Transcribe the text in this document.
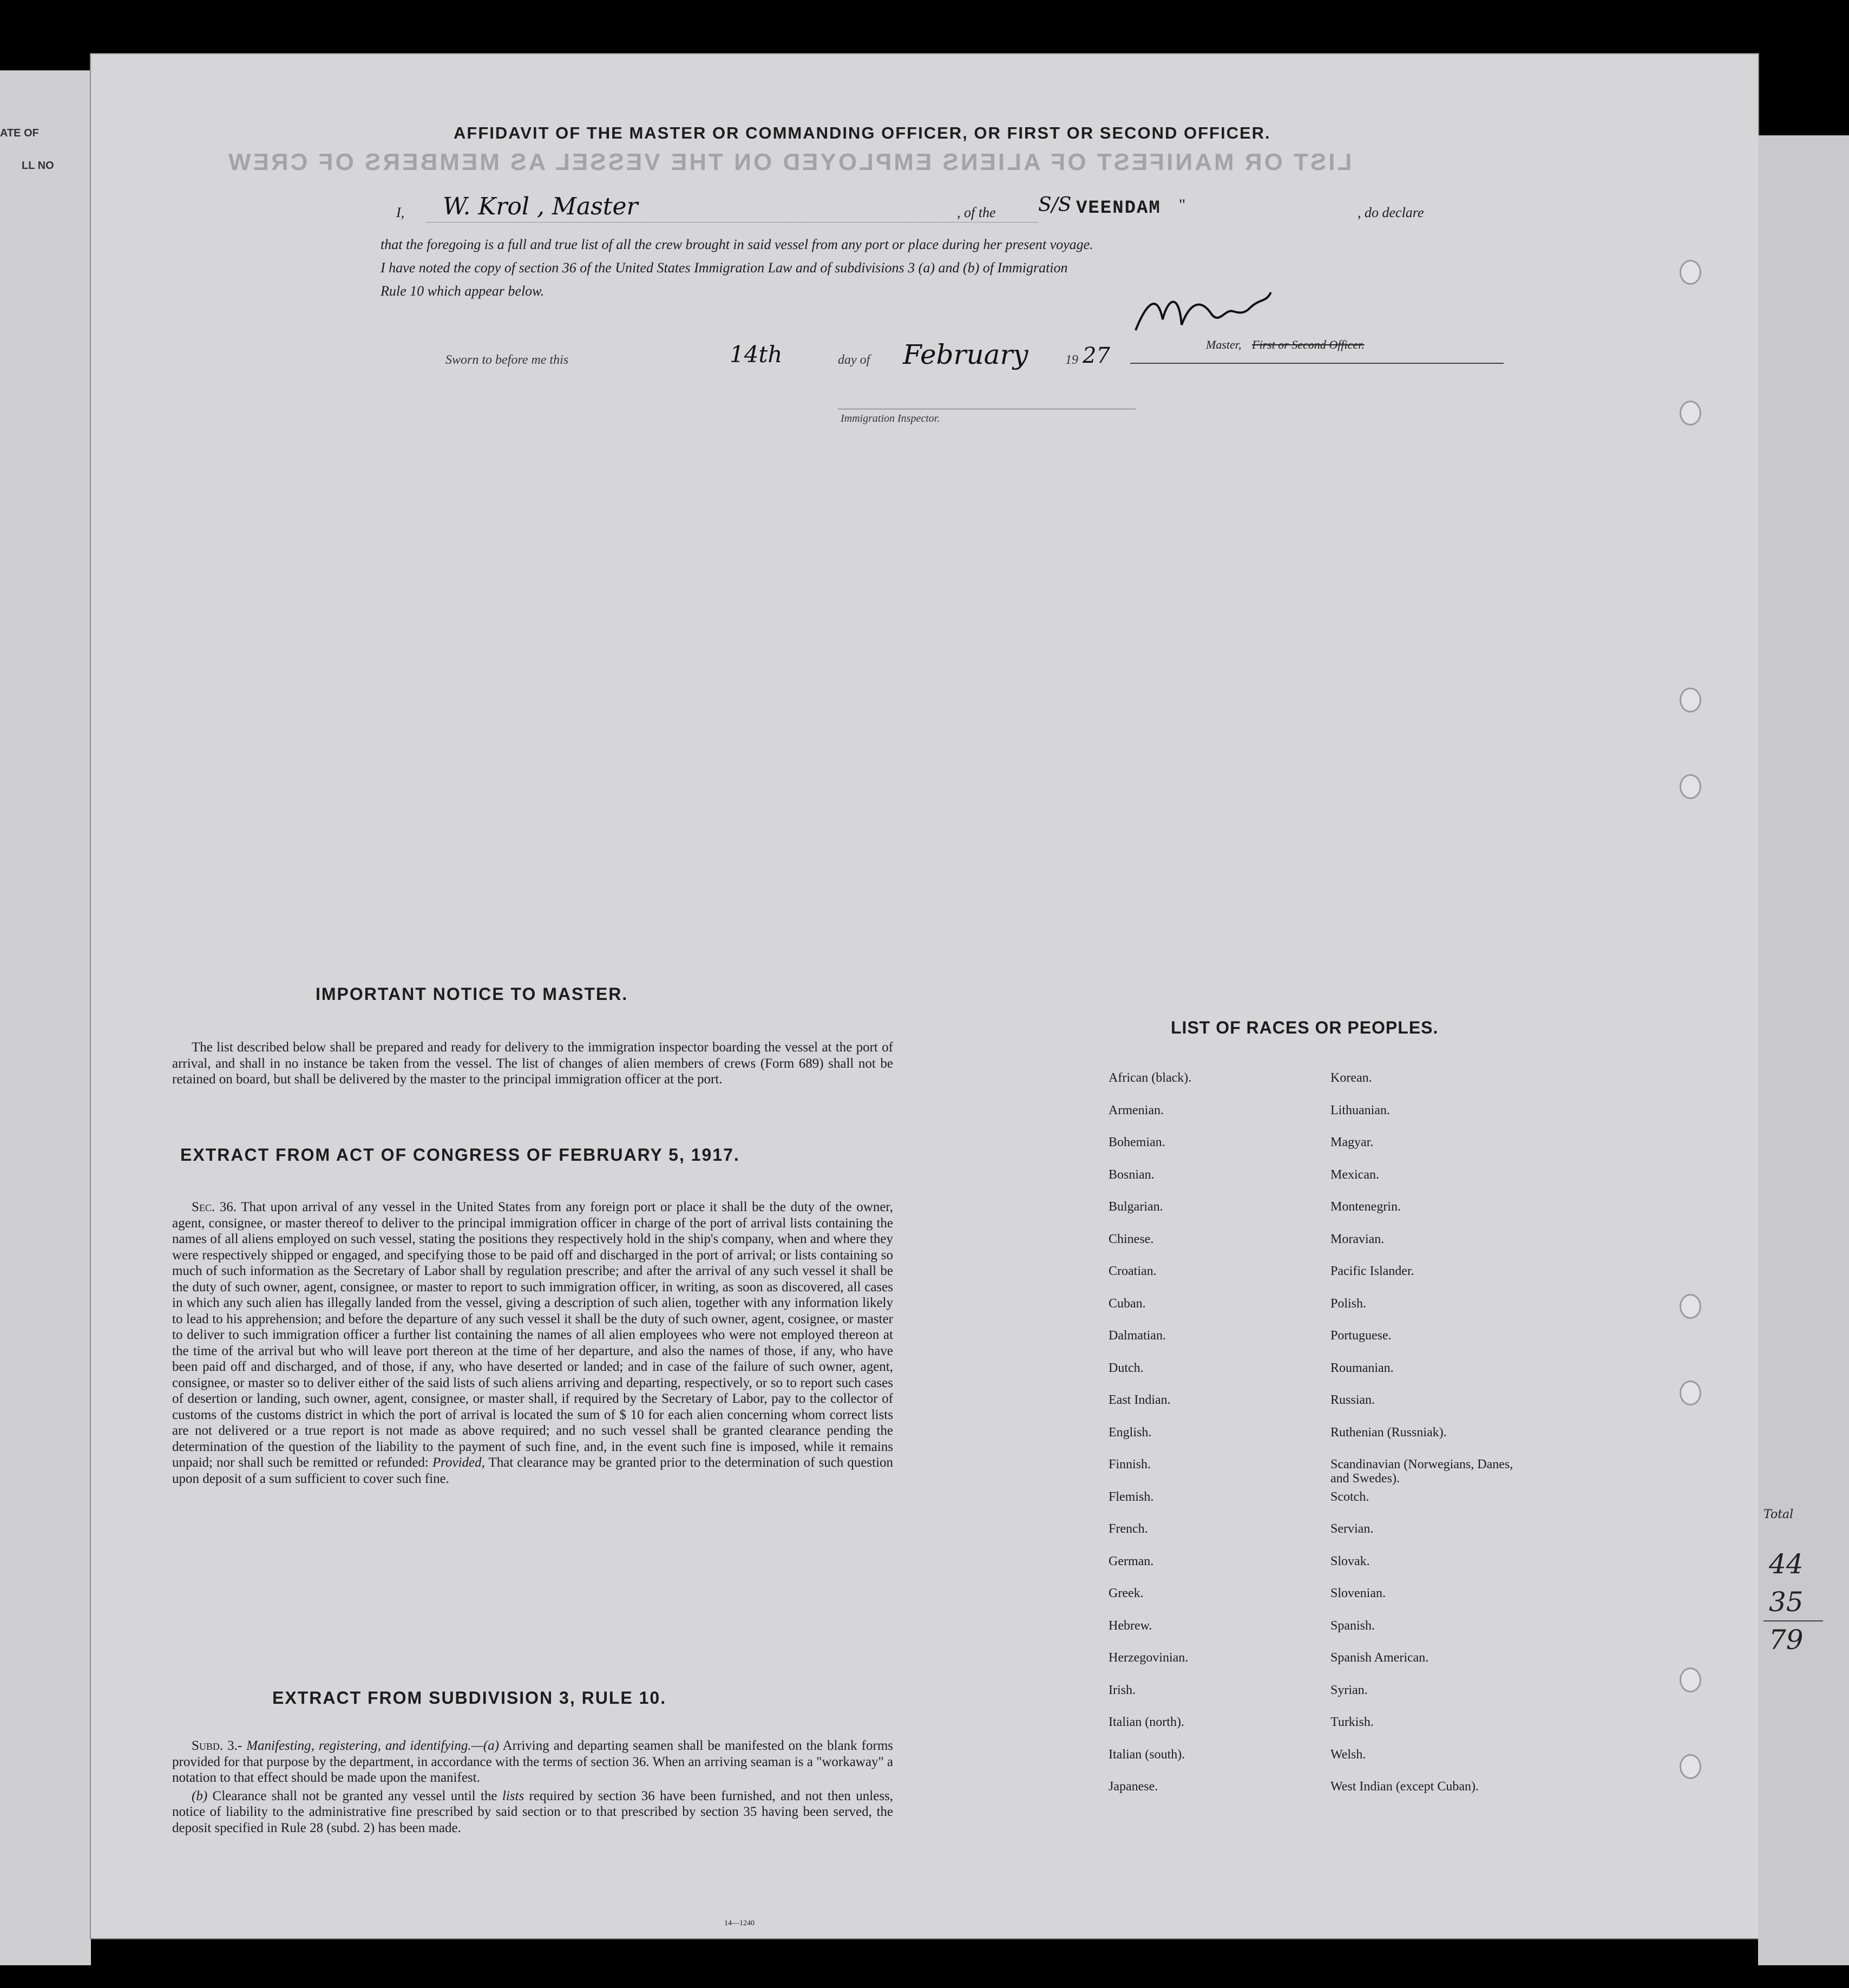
ATE OF
LL NO	LIST OR MANIFEST OF ALIENS EMPLOYED ON THE VESSEL AS MEMBERS OF CREW
AFFIDAVIT OF THE MASTER OR COMMANDING OFFICER, OR FIRST OR SECOND OFFICER.
I, W. Krol , Master	, of the S/S VEENDAM "	, do declare
that the foregoing is a full and true list of all the crew brought in said vessel from any port or place during her present voyage.
I have noted the copy of section 36 of the United States Immigration Law and of subdivisions 3 (a) and (b) of Immigration
Rule 10 which appear below.
Sworn to before me this	14th	day of February	19 27	Master, First or Second Officer.
Immigration Inspector.
IMPORTANT NOTICE TO MASTER.

The list described below shall be prepared and ready for delivery to the immigration inspector boarding the vessel at the port of arrival, and shall in no instance be taken from the vessel. The list of changes of alien members of crews (Form 689) shall not be retained on board, but shall be delivered by the master to the principal immigration officer at the port.

EXTRACT FROM ACT OF CONGRESS OF FEBRUARY 5, 1917.

Sec. 36. That upon arrival of any vessel in the United States from any foreign port or place it shall be the duty of the owner, agent, consignee, or master thereof to deliver to the principal immigration officer in charge of the port of arrival lists containing the names of all aliens employed on such vessel, stating the positions they respectively hold in the ship's company, when and where they were respectively shipped or engaged, and specifying those to be paid off and discharged in the port of arrival; or lists containing so much of such information as the Secretary of Labor shall by regulation prescribe; and after the arrival of any such vessel it shall be the duty of such owner, agent, consignee, or master to report to such immigration officer, in writing, as soon as discovered, all cases in which any such alien has illegally landed from the vessel, giving a description of such alien, together with any information likely to lead to his apprehension; and before the departure of any such vessel it shall be the duty of such owner, agent, cosignee, or master to deliver to such immigration officer a further list containing the names of all alien employees who were not employed thereon at the time of the arrival but who will leave port thereon at the time of her departure, and also the names of those, if any, who have been paid off and discharged, and of those, if any, who have deserted or landed; and in case of the failure of such owner, agent, consignee, or master so to deliver either of the said lists of such aliens arriving and departing, respectively, or so to report such cases of desertion or landing, such owner, agent, consignee, or master shall, if required by the Secretary of Labor, pay to the collector of customs of the customs district in which the port of arrival is located the sum of $ 10 for each alien concerning whom correct lists are not delivered or a true report is not made as above required; and no such vessel shall be granted clearance pending the determination of the question of the liability to the payment of such fine, and, in the event such fine is imposed, while it remains unpaid; nor shall such be remitted or refunded: Provided, That clearance may be granted prior to the determination of such question upon deposit of a sum sufficient to cover such fine.

EXTRACT FROM SUBDIVISION 3, RULE 10.

Subd. 3.- Manifesting, registering, and identifying.—(a) Arriving and departing seamen shall be manifested on the blank forms provided for that purpose by the department, in accordance with the terms of section 36. When an arriving seaman is a "workaway" a notation to that effect should be made upon the manifest.

(b) Clearance shall not be granted any vessel until the lists required by section 36 have been furnished, and not then unless, notice of liability to the administrative fine prescribed by said section or to that prescribed by section 35 having been served, the deposit specified in Rule 28 (subd. 2) has been made.

14—1240
LIST OF RACES OR PEOPLES.
African (black).
Armenian.
Bohemian.
Bosnian.
Bulgarian.
Chinese.
Croatian.
Cuban.
Dalmatian.
Dutch.
East Indian.
English.
Finnish.
Flemish.
French.
German.
Greek.
Hebrew.
Herzegovinian.
Irish.
Italian (north).
Italian (south).
Japanese.
Korean.
Lithuanian.
Magyar.
Mexican.
Montenegrin.
Moravian.
Pacific Islander.
Polish.
Portuguese.
Roumanian.
Russian.
Ruthenian (Russniak).
Scandinavian (Norwegians, Danes, and Swedes).
Scotch.
Servian.
Slovak.
Slovenian.
Spanish.
Spanish American.
Syrian.
Turkish.
Welsh.
West Indian (except Cuban).
Total
44
35
79
